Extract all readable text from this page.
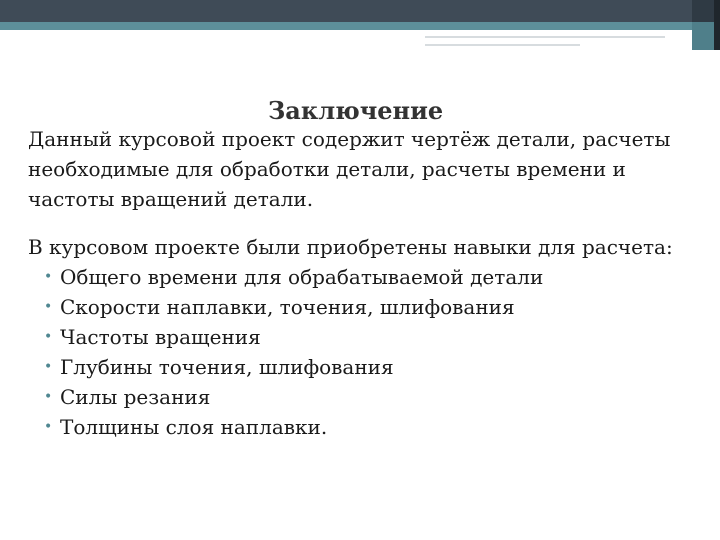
Заключение

Данный курсовой проект содержит чертёж детали, расчеты необходимые для обработки детали, расчеты времени и частоты вращений детали.

В курсовом проекте были приобретены навыки для расчета:

• Общего времени для обрабатываемой детали
• Скорости наплавки, точения, шлифования
• Частоты вращения
• Глубины точения, шлифования
• Силы резания
• Толщины слоя наплавки.
